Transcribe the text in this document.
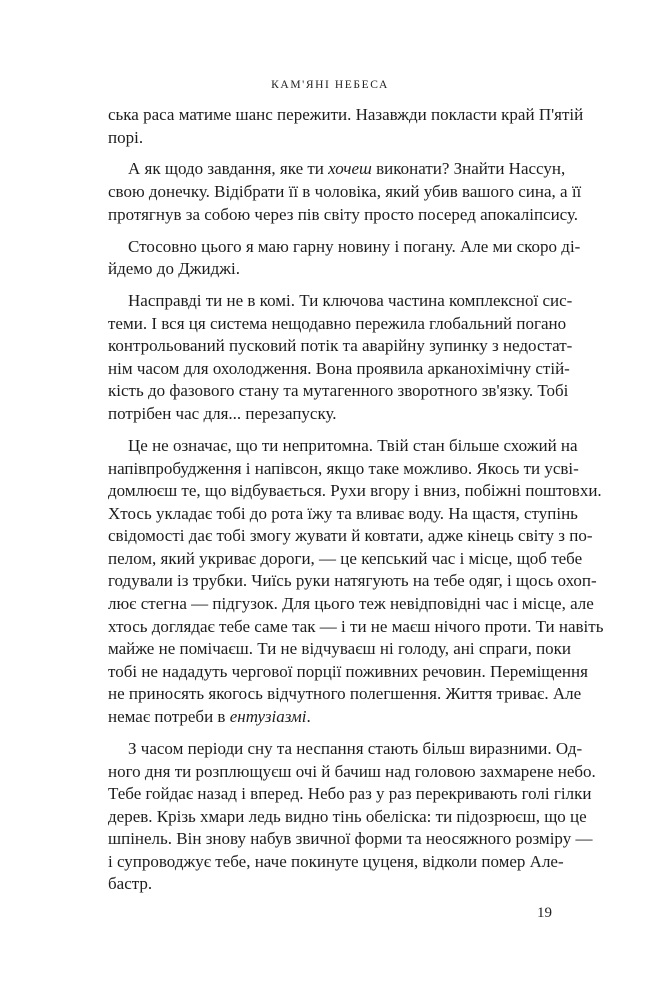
КАМ'ЯНІ НЕБЕСА

ська раса матиме шанс пережити. Назавжди покласти край П'ятій
порі.

А як щодо завдання, яке ти хочеш виконати? Знайти Нассун,
свою донечку. Відібрати її в чоловіка, який убив вашого сина, а її
протягнув за собою через пів світу просто посеред апокаліпсису.

Стосовно цього я маю гарну новину і погану. Але ми скоро ді-
йдемо до Джиджі.

Насправді ти не в комі. Ти ключова частина комплексної сис-
теми. І вся ця система нещодавно пережила глобальний погано
контрольований пусковий потік та аварійну зупинку з недостат-
нім часом для охолодження. Вона проявила арканохімічну стій-
кість до фазового стану та мутагенного зворотного зв'язку. Тобі
потрібен час для... перезапуску.

Це не означає, що ти непритомна. Твій стан більше схожий на
напівпробудження і напівсон, якщо таке можливо. Якось ти усві-
домлюєш те, що відбувається. Рухи вгору і вниз, побіжні поштовхи.
Хтось укладає тобі до рота їжу та вливає воду. На щастя, ступінь
свідомості дає тобі змогу жувати й ковтати, адже кінець світу з по-
пелом, який укриває дороги, — це кепський час і місце, щоб тебе
годували із трубки. Чиїсь руки натягують на тебе одяг, і щось охоп-
лює стегна — підгузок. Для цього теж невідповідні час і місце, але
хтось доглядає тебе саме так — і ти не маєш нічого проти. Ти навіть
майже не помічаєш. Ти не відчуваєш ні голоду, ані спраги, поки
тобі не нададуть чергової порції поживних речовин. Переміщення
не приносять якогось відчутного полегшення. Життя триває. Але
немає потреби в ентузіазмі.

З часом періоди сну та неспання стають більш виразними. Од-
ного дня ти розплющуєш очі й бачиш над головою захмарене небо.
Тебе гойдає назад і вперед. Небо раз у раз перекривають голі гілки
дерев. Крізь хмари ледь видно тінь обеліска: ти підозрюєш, що це
шпінель. Він знову набув звичної форми та неосяжного розміру —
і супроводжує тебе, наче покинуте цуценя, відколи помер Але-
бастр.

19
